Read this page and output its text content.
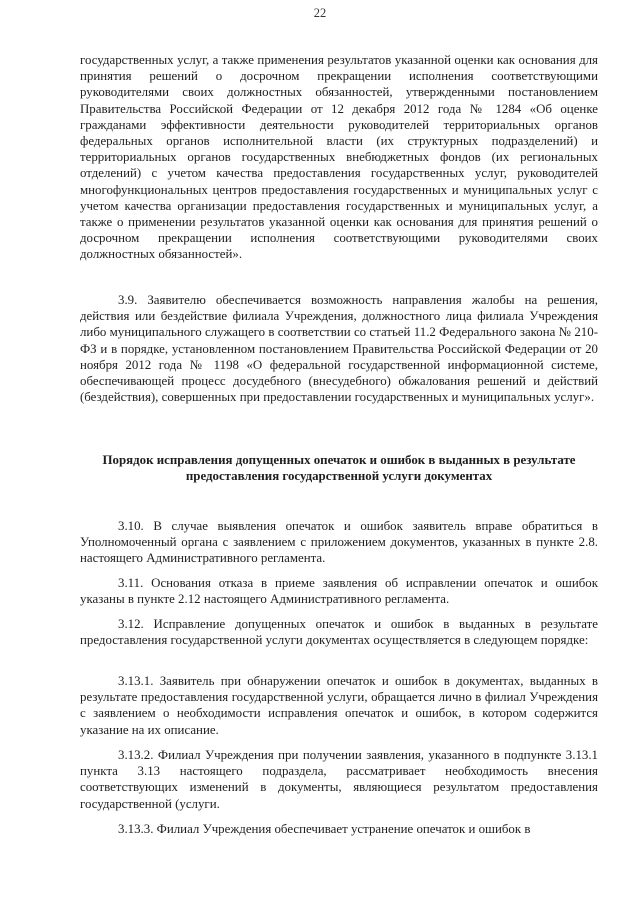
22

государственных услуг, а также применения результатов указанной оценки как основания для принятия решений о досрочном прекращении исполнения соответствующими руководителями своих должностных обязанностей, утвержденными постановлением Правительства Российской Федерации от 12 декабря 2012 года № 1284 «Об оценке гражданами эффективности деятельности руководителей территориальных органов федеральных органов исполнительной власти (их структурных подразделений) и территориальных органов государственных внебюджетных фондов (их региональных отделений) с учетом качества предоставления государственных услуг, руководителей многофункциональных центров предоставления государственных и муниципальных услуг с учетом качества организации предоставления государственных и муниципальных услуг, а также о применении результатов указанной оценки как основания для принятия решений о досрочном прекращении исполнения соответствующими руководителями своих должностных обязанностей».

3.9. Заявителю обеспечивается возможность направления жалобы на решения, действия или бездействие филиала Учреждения, должностного лица филиала Учреждения либо муниципального служащего в соответствии со статьей 11.2 Федерального закона № 210-ФЗ и в порядке, установленном постановлением Правительства Российской Федерации от 20 ноября 2012 года № 1198 «О федеральной государственной информационной системе, обеспечивающей процесс досудебного (внесудебного) обжалования решений и действий (бездействия), совершенных при предоставлении государственных и муниципальных услуг».

Порядок исправления допущенных опечаток и ошибок в выданных в результате предоставления государственной услуги документах

3.10. В случае выявления опечаток и ошибок заявитель вправе обратиться в Уполномоченный органа с заявлением с приложением документов, указанных в пункте 2.8. настоящего Административного регламента.

3.11. Основания отказа в приеме заявления об исправлении опечаток и ошибок указаны в пункте 2.12 настоящего Административного регламента.

3.12. Исправление допущенных опечаток и ошибок в выданных в результате предоставления государственной услуги документах осуществляется в следующем порядке:

3.13.1. Заявитель при обнаружении опечаток и ошибок в документах, выданных в результате предоставления государственной услуги, обращается лично в филиал Учреждения с заявлением о необходимости исправления опечаток и ошибок, в котором содержится указание на их описание.

3.13.2. Филиал Учреждения при получении заявления, указанного в подпункте 3.13.1 пункта 3.13 настоящего подраздела, рассматривает необходимость внесения соответствующих изменений в документы, являющиеся результатом предоставления государственной (услуги.

3.13.3. Филиал Учреждения обеспечивает устранение опечаток и ошибок в
